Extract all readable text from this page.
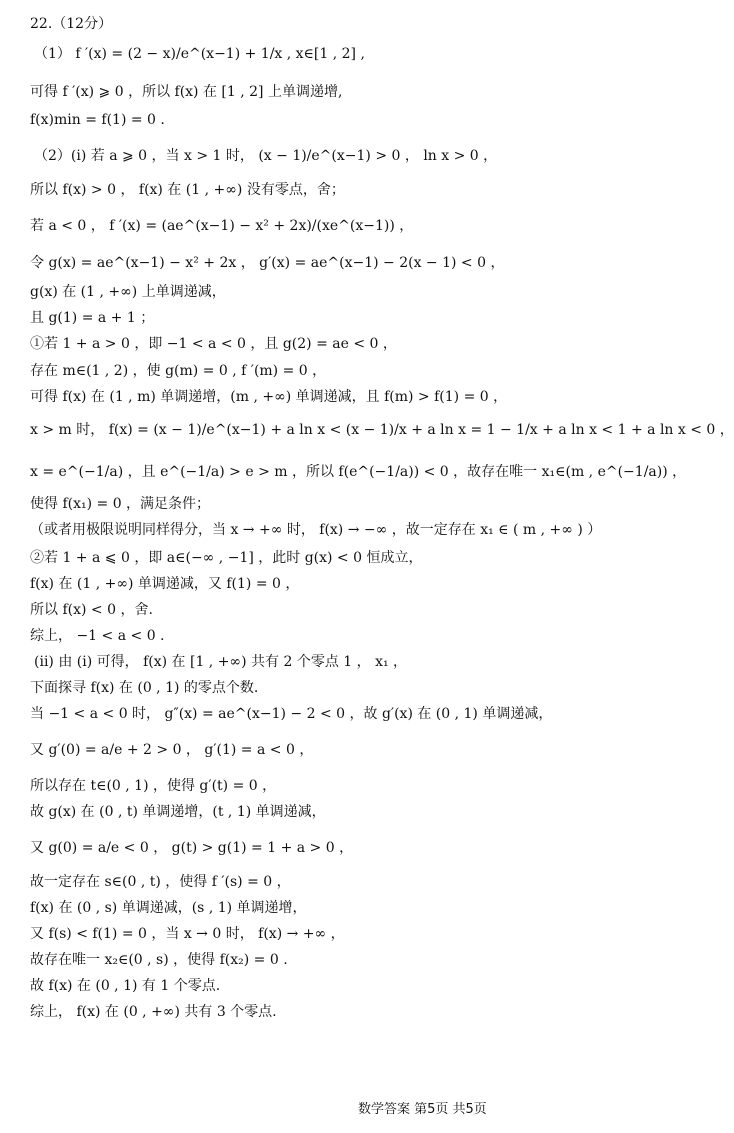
22.（12分）
（1） f ′(x) = (2 − x)/e^(x−1) + 1/x , x∈[1 , 2] ,
可得 f ′(x) ⩾ 0 ，所以 f(x) 在 [1 , 2] 上单调递增,
f(x)min = f(1) = 0 .
（2）(i) 若 a ⩾ 0 ，当 x > 1 时， (x − 1)/e^(x−1) > 0 ， ln x > 0 ，
所以 f(x) > 0 ， f(x) 在 (1 , +∞) 没有零点，舍；
若 a < 0 ， f ′(x) = (ae^(x−1) − x² + 2x)/(xe^(x−1)) ，
令 g(x) = ae^(x−1) − x² + 2x ， g′(x) = ae^(x−1) − 2(x − 1) < 0 ，
g(x) 在 (1 , +∞) 上单调递减，
且 g(1) = a + 1 ；
①若 1 + a > 0 ，即 −1 < a < 0 ，且 g(2) = ae < 0 ，
存在 m∈(1 , 2) ，使 g(m) = 0 , f ′(m) = 0 ，
可得 f(x) 在 (1 , m) 单调递增，(m , +∞) 单调递减，且 f(m) > f(1) = 0 ，
x > m 时， f(x) = (x − 1)/e^(x−1) + a ln x < (x − 1)/x + a ln x = 1 − 1/x + a ln x < 1 + a ln x < 0 ，
x = e^(−1/a) ，且 e^(−1/a) > e > m ，所以 f(e^(−1/a)) < 0 ，故存在唯一 x₁∈(m , e^(−1/a)) ，
使得 f(x₁) = 0 ，满足条件；
（或者用极限说明同样得分，当 x → +∞ 时， f(x) → −∞ ，故一定存在 x₁ ∈ ( m , +∞ ) ）
②若 1 + a ⩽ 0 ，即 a∈(−∞ , −1] ，此时 g(x) < 0 恒成立，
f(x) 在 (1 , +∞) 单调递减，又 f(1) = 0 ，
所以 f(x) < 0 ，舍.
综上， −1 < a < 0 .
(ii) 由 (i) 可得， f(x) 在 [1 , +∞) 共有 2 个零点 1 ， x₁ ，
下面探寻 f(x) 在 (0 , 1) 的零点个数.
当 −1 < a < 0 时， g″(x) = ae^(x−1) − 2 < 0 ，故 g′(x) 在 (0 , 1) 单调递减，
又 g′(0) = a/e + 2 > 0 ， g′(1) = a < 0 ，
所以存在 t∈(0 , 1) ，使得 g′(t) = 0 ，
故 g(x) 在 (0 , t) 单调递增，(t , 1) 单调递减，
又 g(0) = a/e < 0 ， g(t) > g(1) = 1 + a > 0 ，
故一定存在 s∈(0 , t) ，使得 f ′(s) = 0 ，
f(x) 在 (0 , s) 单调递减，(s , 1) 单调递增，
又 f(s) < f(1) = 0 ，当 x → 0 时， f(x) → +∞ ，
故存在唯一 x₂∈(0 , s) ，使得 f(x₂) = 0 .
故 f(x) 在 (0 , 1) 有 1 个零点.
综上， f(x) 在 (0 , +∞) 共有 3 个零点.
数学答案 第5页 共5页
